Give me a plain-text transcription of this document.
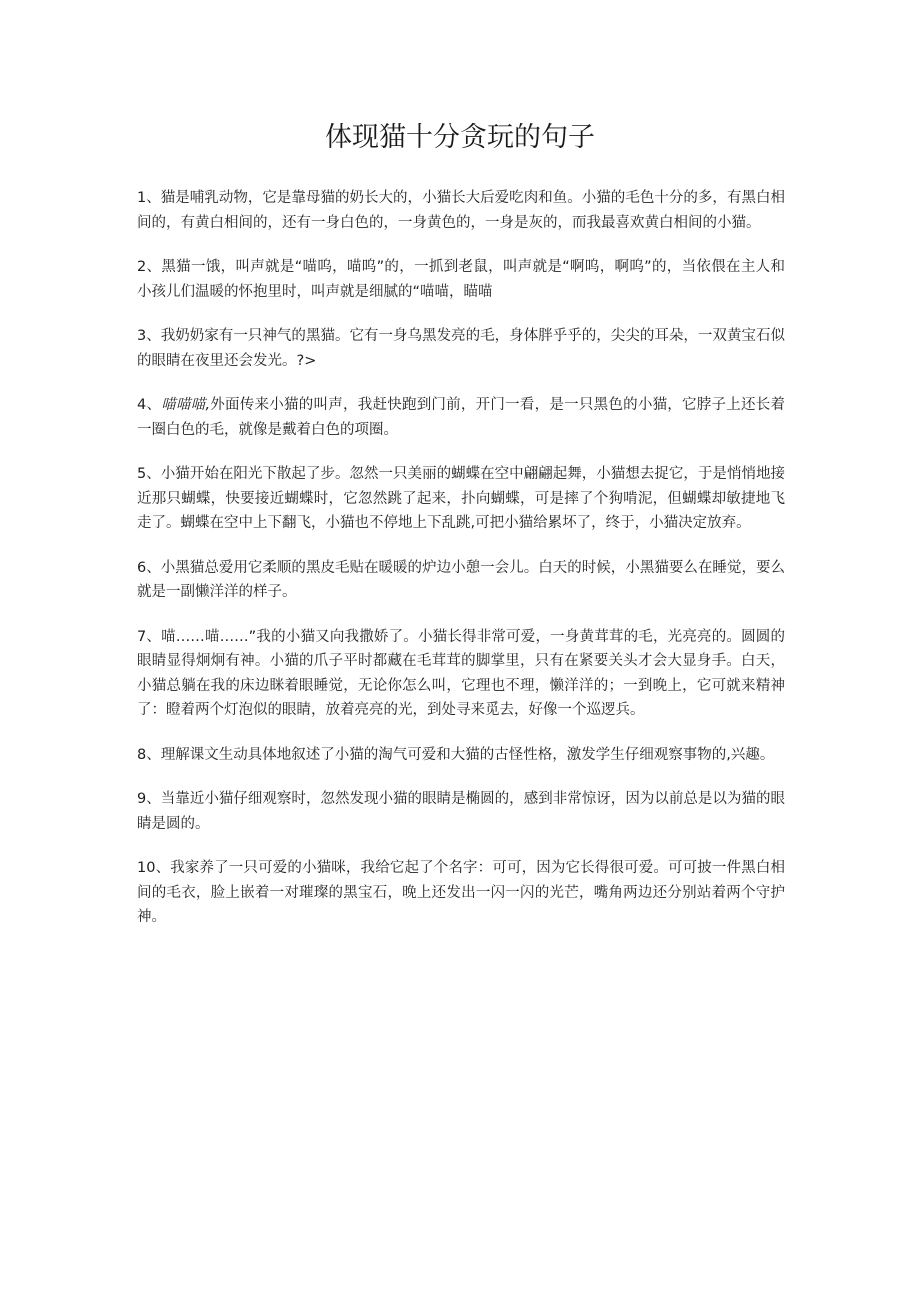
体现猫十分贪玩的句子

1、猫是哺乳动物，它是靠母猫的奶长大的，小猫长大后爱吃肉和鱼。小猫的毛色十分的多，有黑白相间的，有黄白相间的，还有一身白色的，一身黄色的，一身是灰的，而我最喜欢黄白相间的小猫。

2、黑猫一饿，叫声就是“喵呜，喵呜”的，一抓到老鼠，叫声就是“啊呜，啊呜”的，当依偎在主人和小孩儿们温暖的怀抱里时，叫声就是细腻的“喵喵，瞄喵

3、我奶奶家有一只神气的黑猫。它有一身乌黑发亮的毛，身体胖乎乎的，尖尖的耳朵，一双黄宝石似的眼睛在夜里还会发光。?>

4、喵喵喵,外面传来小猫的叫声，我赶快跑到门前，开门一看，是一只黑色的小猫，它脖子上还长着一圈白色的毛，就像是戴着白色的项圈。

5、小猫开始在阳光下散起了步。忽然一只美丽的蝴蝶在空中翩翩起舞，小猫想去捉它，于是悄悄地接近那只蝴蝶，快要接近蝴蝶时，它忽然跳了起来，扑向蝴蝶，可是摔了个狗啃泥，但蝴蝶却敏捷地飞走了。蝴蝶在空中上下翻飞，小猫也不停地上下乱跳,可把小猫给累坏了，终于，小猫决定放弃。

6、小黑猫总爱用它柔顺的黑皮毛贴在暖暖的炉边小憩一会儿。白天的时候，小黑猫要么在睡觉，要么就是一副懒洋洋的样子。

7、喵……喵……”我的小猫又向我撒娇了。小猫长得非常可爱，一身黄茸茸的毛，光亮亮的。圆圆的眼睛显得炯炯有神。小猫的爪子平时都藏在毛茸茸的脚掌里，只有在紧要关头才会大显身手。白天，小猫总躺在我的床边眯着眼睡觉，无论你怎么叫，它理也不理，懒洋洋的；一到晚上，它可就来精神了：瞪着两个灯泡似的眼睛，放着亮亮的光，到处寻来觅去，好像一个巡逻兵。

8、理解课文生动具体地叙述了小猫的淘气可爱和大猫的古怪性格，激发学生仔细观察事物的,兴趣。

9、当靠近小猫仔细观察时，忽然发现小猫的眼睛是椭圆的，感到非常惊讶，因为以前总是以为猫的眼睛是圆的。

10、我家养了一只可爱的小猫咪，我给它起了个名字：可可，因为它长得很可爱。可可披一件黑白相间的毛衣，脸上嵌着一对璀璨的黑宝石，晚上还发出一闪一闪的光芒，嘴角两边还分别站着两个守护神。
